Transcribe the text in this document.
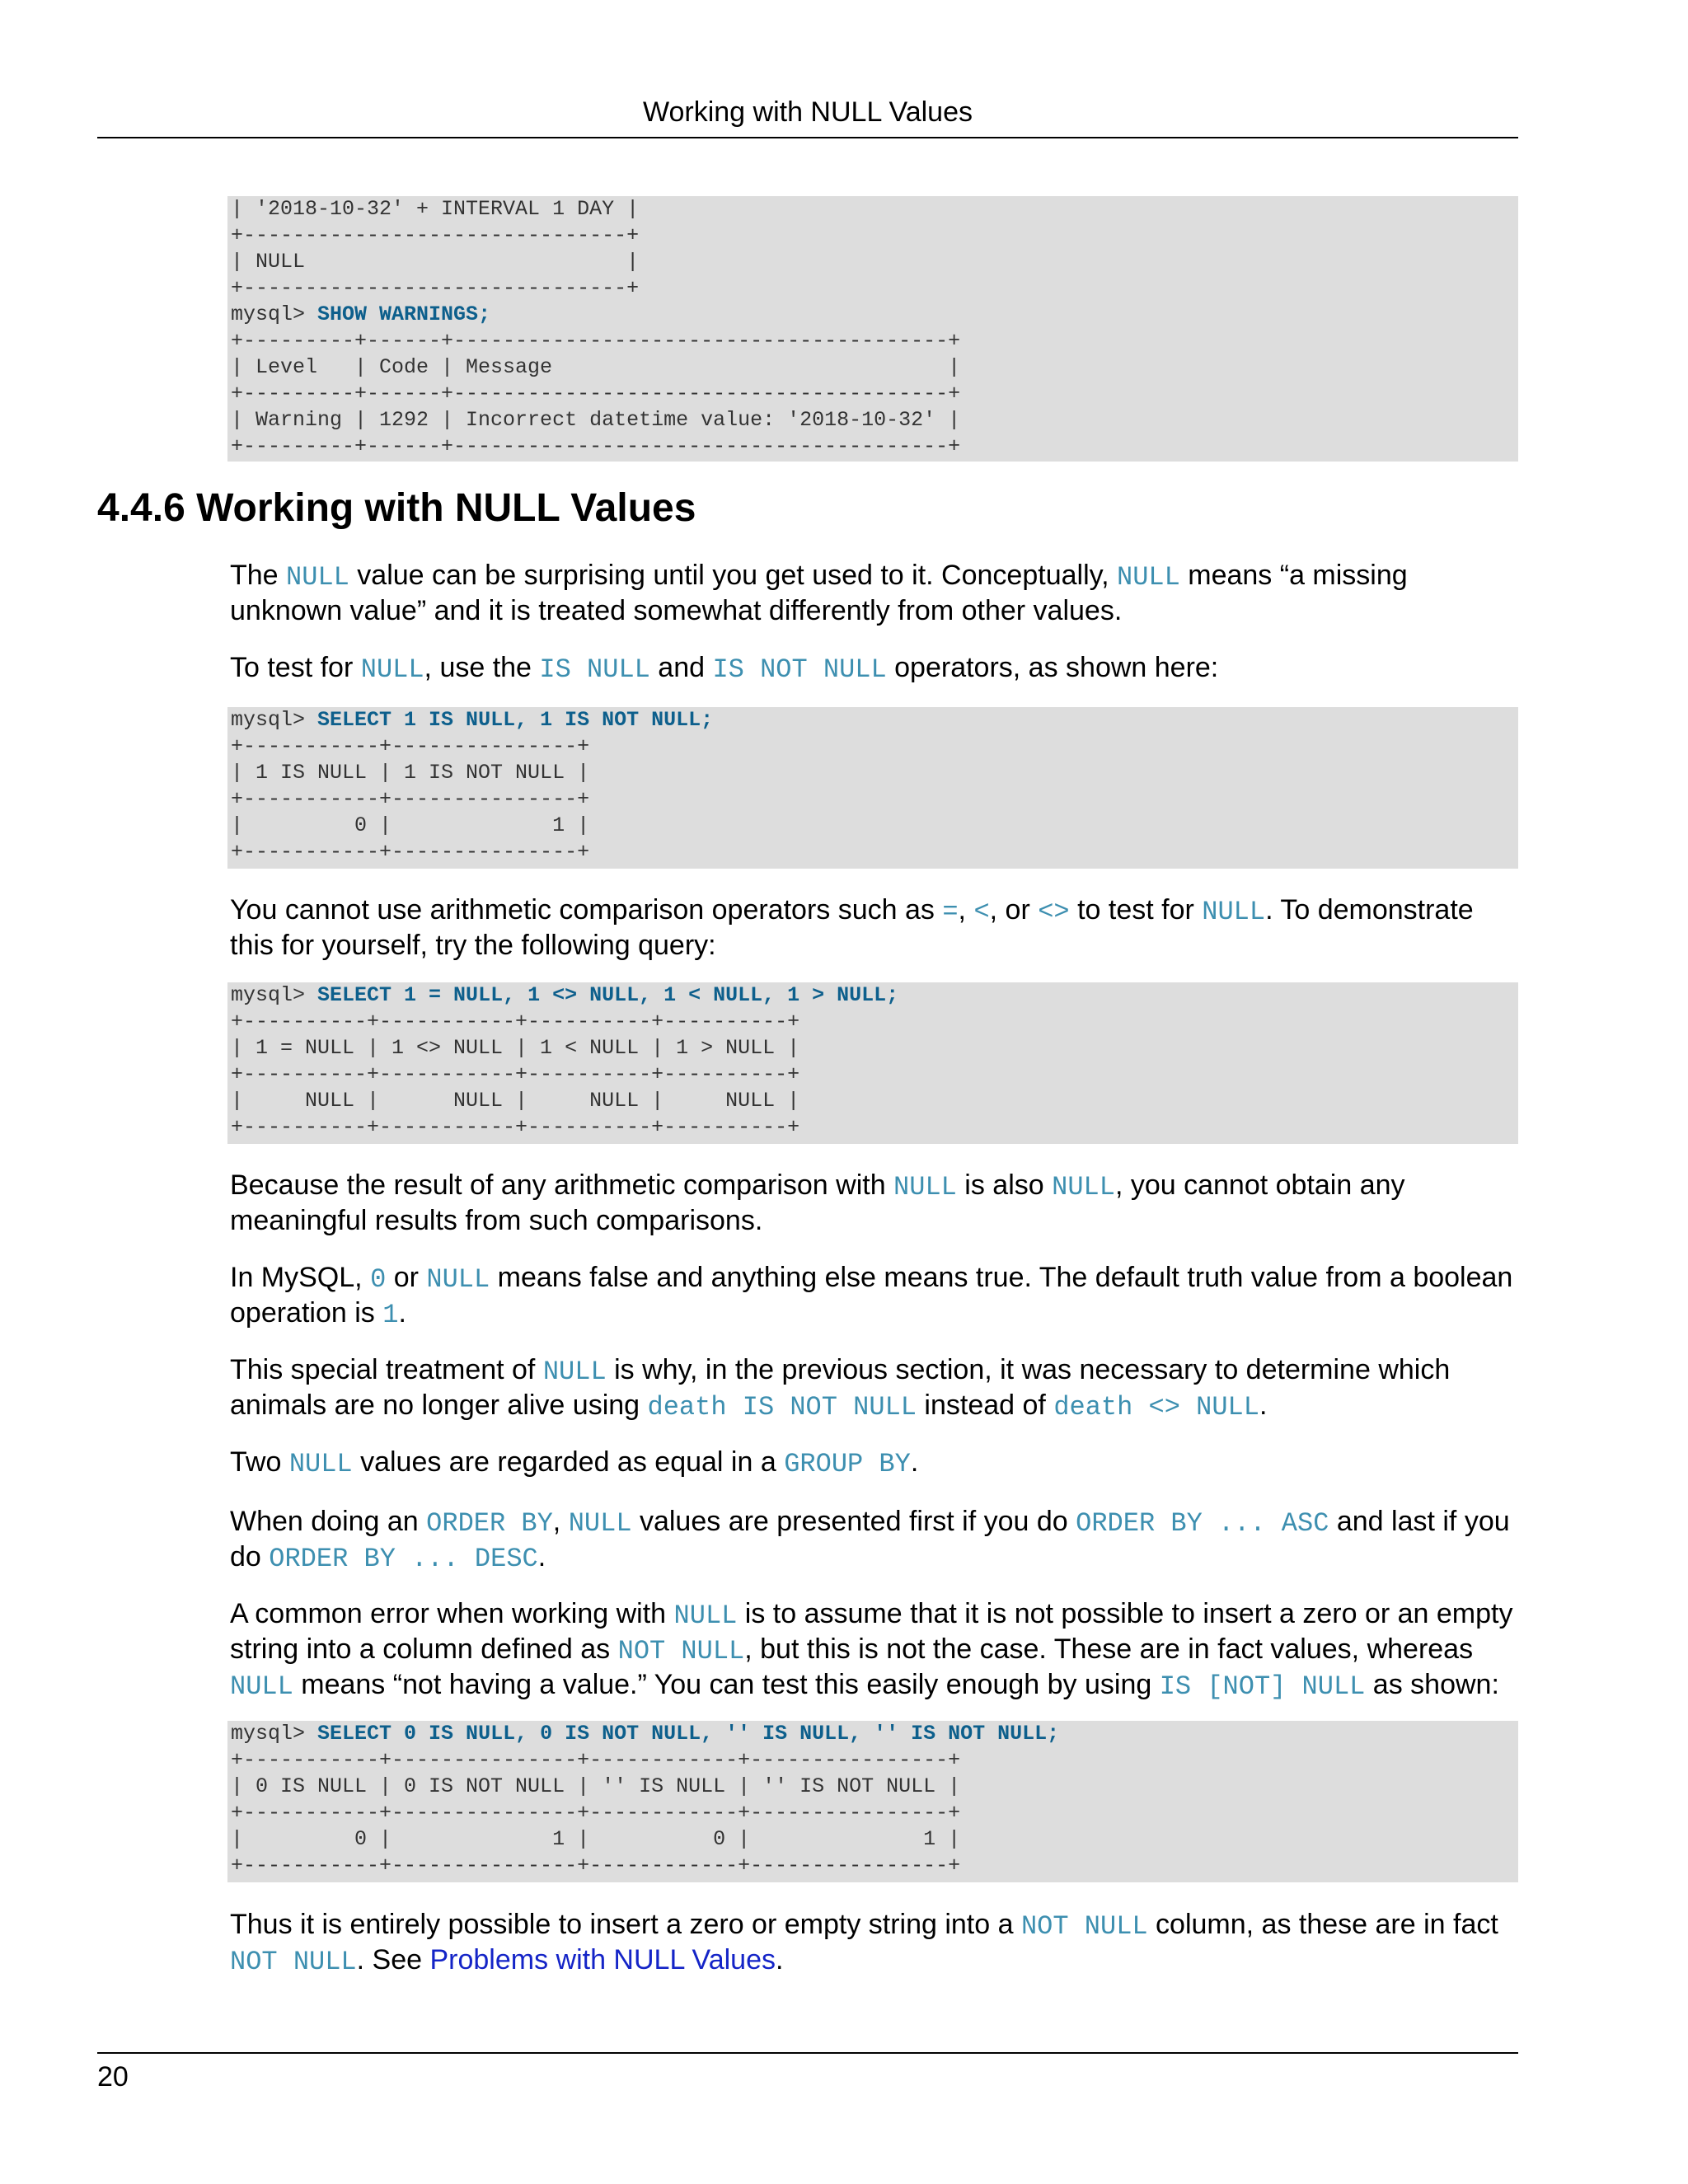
Working with NULL Values
| '2018-10-32' + INTERVAL 1 DAY |
+-------------------------------+
| NULL                          |
+-------------------------------+
mysql> SHOW WARNINGS;
+---------+------+----------------------------------------+
| Level   | Code | Message                                |
+---------+------+----------------------------------------+
| Warning | 1292 | Incorrect datetime value: '2018-10-32' |
+---------+------+----------------------------------------+
4.4.6 Working with NULL Values

The NULL value can be surprising until you get used to it. Conceptually, NULL means “a missing unknown value” and it is treated somewhat differently from other values.

To test for NULL, use the IS NULL and IS NOT NULL operators, as shown here:

mysql> SELECT 1 IS NULL, 1 IS NOT NULL;
+-----------+---------------+
| 1 IS NULL | 1 IS NOT NULL |
+-----------+---------------+
|         0 |             1 |
+-----------+---------------+

You cannot use arithmetic comparison operators such as =, <, or <> to test for NULL. To demonstrate this for yourself, try the following query:

mysql> SELECT 1 = NULL, 1 <> NULL, 1 < NULL, 1 > NULL;
+----------+-----------+----------+----------+
| 1 = NULL | 1 <> NULL | 1 < NULL | 1 > NULL |
+----------+-----------+----------+----------+
|     NULL |      NULL |     NULL |     NULL |
+----------+-----------+----------+----------+

Because the result of any arithmetic comparison with NULL is also NULL, you cannot obtain any meaningful results from such comparisons.

In MySQL, 0 or NULL means false and anything else means true. The default truth value from a boolean operation is 1.

This special treatment of NULL is why, in the previous section, it was necessary to determine which animals are no longer alive using death IS NOT NULL instead of death <> NULL.

Two NULL values are regarded as equal in a GROUP BY.

When doing an ORDER BY, NULL values are presented first if you do ORDER BY ... ASC and last if you do ORDER BY ... DESC.

A common error when working with NULL is to assume that it is not possible to insert a zero or an empty string into a column defined as NOT NULL, but this is not the case. These are in fact values, whereas NULL means “not having a value.” You can test this easily enough by using IS [NOT] NULL as shown:

mysql> SELECT 0 IS NULL, 0 IS NOT NULL, '' IS NULL, '' IS NOT NULL;
+-----------+---------------+------------+----------------+
| 0 IS NULL | 0 IS NOT NULL | '' IS NULL | '' IS NOT NULL |
+-----------+---------------+------------+----------------+
|         0 |             1 |          0 |              1 |
+-----------+---------------+------------+----------------+

Thus it is entirely possible to insert a zero or empty string into a NOT NULL column, as these are in fact NOT NULL. See Problems with NULL Values.

20
